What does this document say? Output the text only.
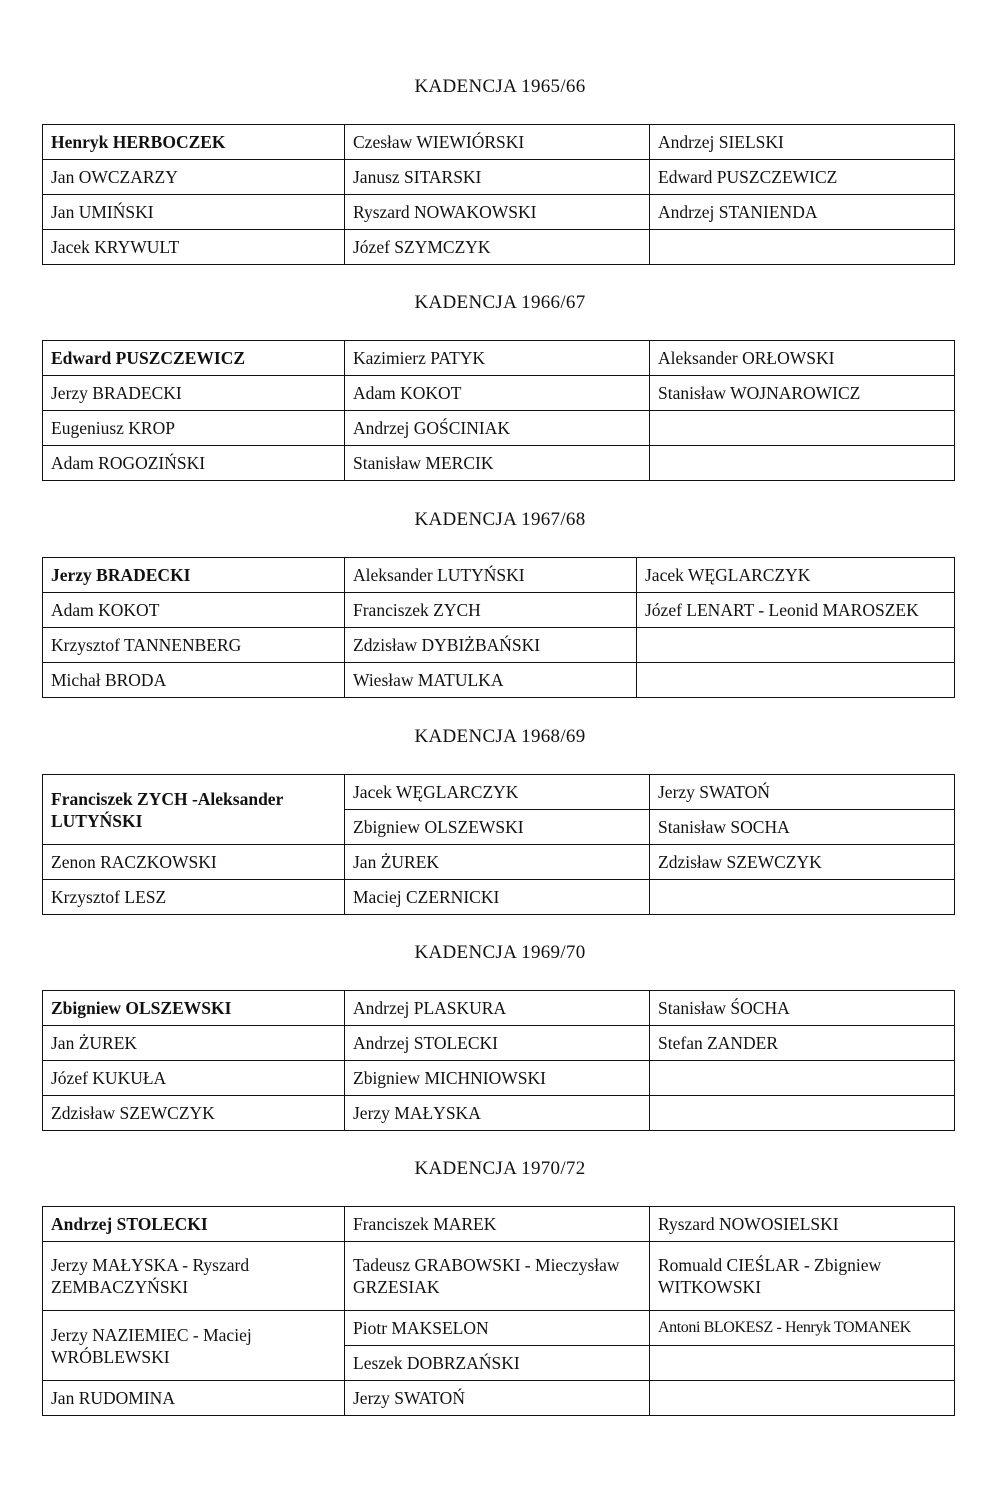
KADENCJA 1965/66
Henryk HERBOCZEK	Czesław WIEWIÓRSKI	Andrzej SIELSKI
Jan OWCZARZY	Janusz SITARSKI	Edward PUSZCZEWICZ
Jan UMIŃSKI	Ryszard NOWAKOWSKI	Andrzej STANIENDA
Jacek KRYWULT	Józef SZYMCZYK	
KADENCJA 1966/67
Edward PUSZCZEWICZ	Kazimierz PATYK	Aleksander ORŁOWSKI
Jerzy BRADECKI	Adam KOKOT	Stanisław WOJNAROWICZ
Eugeniusz KROP	Andrzej GOŚCINIAK	
Adam ROGOZIŃSKI	Stanisław MERCIK	
KADENCJA 1967/68
Jerzy BRADECKI	Aleksander LUTYŃSKI	Jacek WĘGLARCZYK
Adam KOKOT	Franciszek ZYCH	Józef LENART - Leonid MAROSZEK
Krzysztof TANNENBERG	Zdzisław DYBIŻBAŃSKI	
Michał BRODA	Wiesław MATULKA	
KADENCJA 1968/69
Franciszek ZYCH -Aleksander LUTYŃSKI	Jacek WĘGLARCZYK	Jerzy SWATOŃ
	Zbigniew OLSZEWSKI	Stanisław SOCHA
Zenon RACZKOWSKI	Jan ŻUREK	Zdzisław SZEWCZYK
Krzysztof LESZ	Maciej CZERNICKI	
KADENCJA 1969/70
Zbigniew OLSZEWSKI	Andrzej PLASKURA	Stanisław ŚOCHA
Jan ŻUREK	Andrzej STOLECKI	Stefan ZANDER
Józef KUKUŁA	Zbigniew MICHNIOWSKI	
Zdzisław SZEWCZYK	Jerzy MAŁYSKA	
KADENCJA 1970/72
Andrzej STOLECKI	Franciszek MAREK	Ryszard NOWOSIELSKI
Jerzy MAŁYSKA - Ryszard ZEMBACZYŃSKI	Tadeusz GRABOWSKI - Mieczysław GRZESIAK	Romuald CIEŚLAR - Zbigniew WITKOWSKI
Jerzy NAZIEMIEC - Maciej WRÓBLEWSKI	Piotr MAKSELON	Antoni BLOKESZ - Henryk TOMANEK
	Leszek DOBRZAŃSKI	
Jan RUDOMINA	Jerzy SWATOŃ	
